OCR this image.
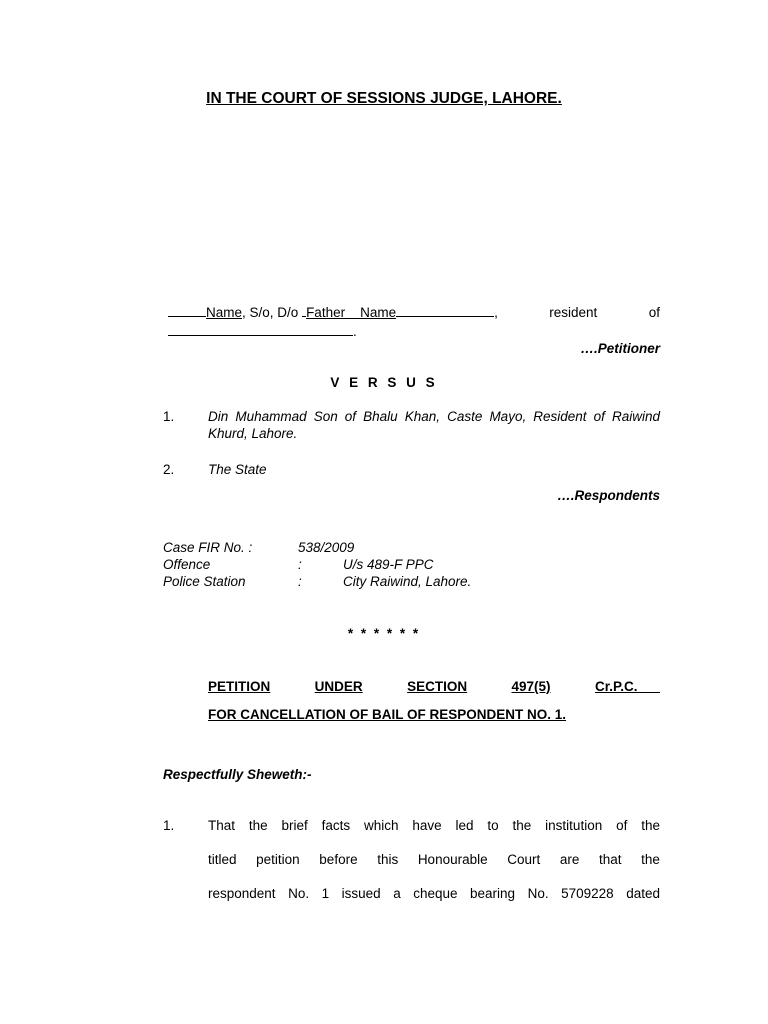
IN THE COURT OF SESSIONS JUDGE, LAHORE.
Name, S/o, D/o Father    Name	,	resident	of
.
….Petitioner
V E R S U S
1. Din Muhammad Son of Bhalu Khan, Caste Mayo, Resident of Raiwind Khurd, Lahore.
2. The State
….Respondents
Case FIR No. :	538/2009
Offence	:	U/s 489-F PPC
Police Station	:	City Raiwind, Lahore.
* * * * * *
PETITION	UNDER	SECTION	497(5)	Cr.P.C.
FOR CANCELLATION OF BAIL OF RESPONDENT NO. 1.
Respectfully Sheweth:-
1. That the brief facts which have led to the institution of the
titled petition before this Honourable Court are that the
respondent No. 1 issued a cheque bearing No. 5709228 dated
